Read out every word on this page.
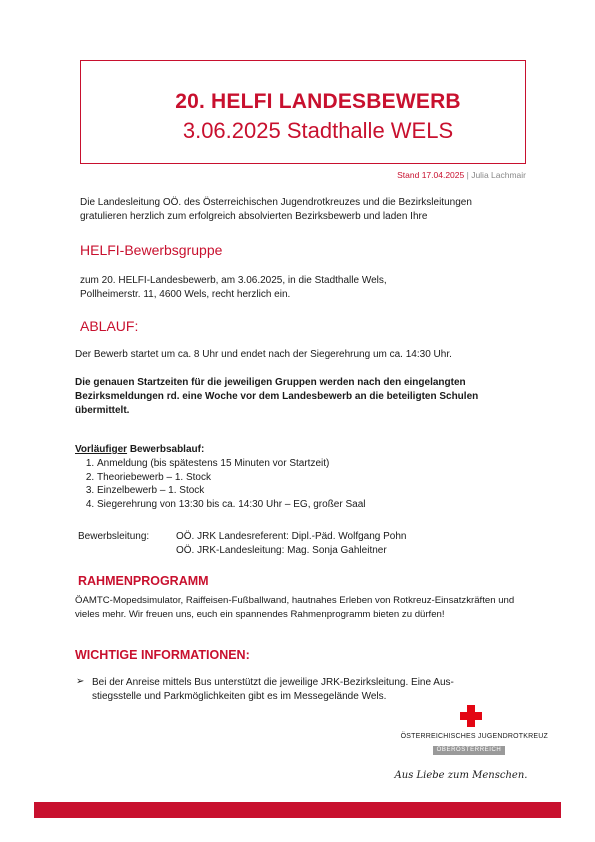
20. HELFI LANDESBEWERB
3.06.2025 Stadthalle WELS
Stand 17.04.2025 | Julia Lachmair
Die Landesleitung OÖ. des Österreichischen Jugendrotkreuzes und die Bezirksleitungen
gratulieren herzlich zum erfolgreich absolvierten Bezirksbewerb und laden Ihre
HELFI-Bewerbsgruppe
zum 20. HELFI-Landesbewerb, am 3.06.2025, in die Stadthalle Wels,
Pollheimerstr. 11, 4600 Wels, recht herzlich ein.
ABLAUF:
Der Bewerb startet um ca. 8 Uhr und endet nach der Siegerehrung um ca. 14:30 Uhr.
Die genauen Startzeiten für die jeweiligen Gruppen werden nach den eingelangten
Bezirksmeldungen rd. eine Woche vor dem Landesbewerb an die beteiligten Schulen
übermittelt.
Vorläufiger Bewerbsablauf:
1. Anmeldung (bis spätestens 15 Minuten vor Startzeit)
2. Theoriebewerb – 1. Stock
3. Einzelbewerb – 1. Stock
4. Siegerehrung von 13:30 bis ca. 14:30 Uhr – EG, großer Saal
Bewerbsleitung:	OÖ. JRK Landesreferent: Dipl.-Päd. Wolfgang Pohn
OÖ. JRK-Landesleitung: Mag. Sonja Gahleitner
RAHMENPROGRAMM
ÖAMTC-Mopedsimulator, Raiffeisen-Fußballwand, hautnahes Erleben von Rotkreuz-Einsatzkräften und
vieles mehr. Wir freuen uns, euch ein spannendes Rahmenprogramm bieten zu dürfen!
WICHTIGE INFORMATIONEN:
➢ Bei der Anreise mittels Bus unterstützt die jeweilige JRK-Bezirksleitung. Eine Aus-
stiegsstelle und Parkmöglichkeiten gibt es im Messegelände Wels.
ÖSTERREICHISCHES JUGENDROTKREUZ
OBERÖSTERREICH
Aus Liebe zum Menschen.
